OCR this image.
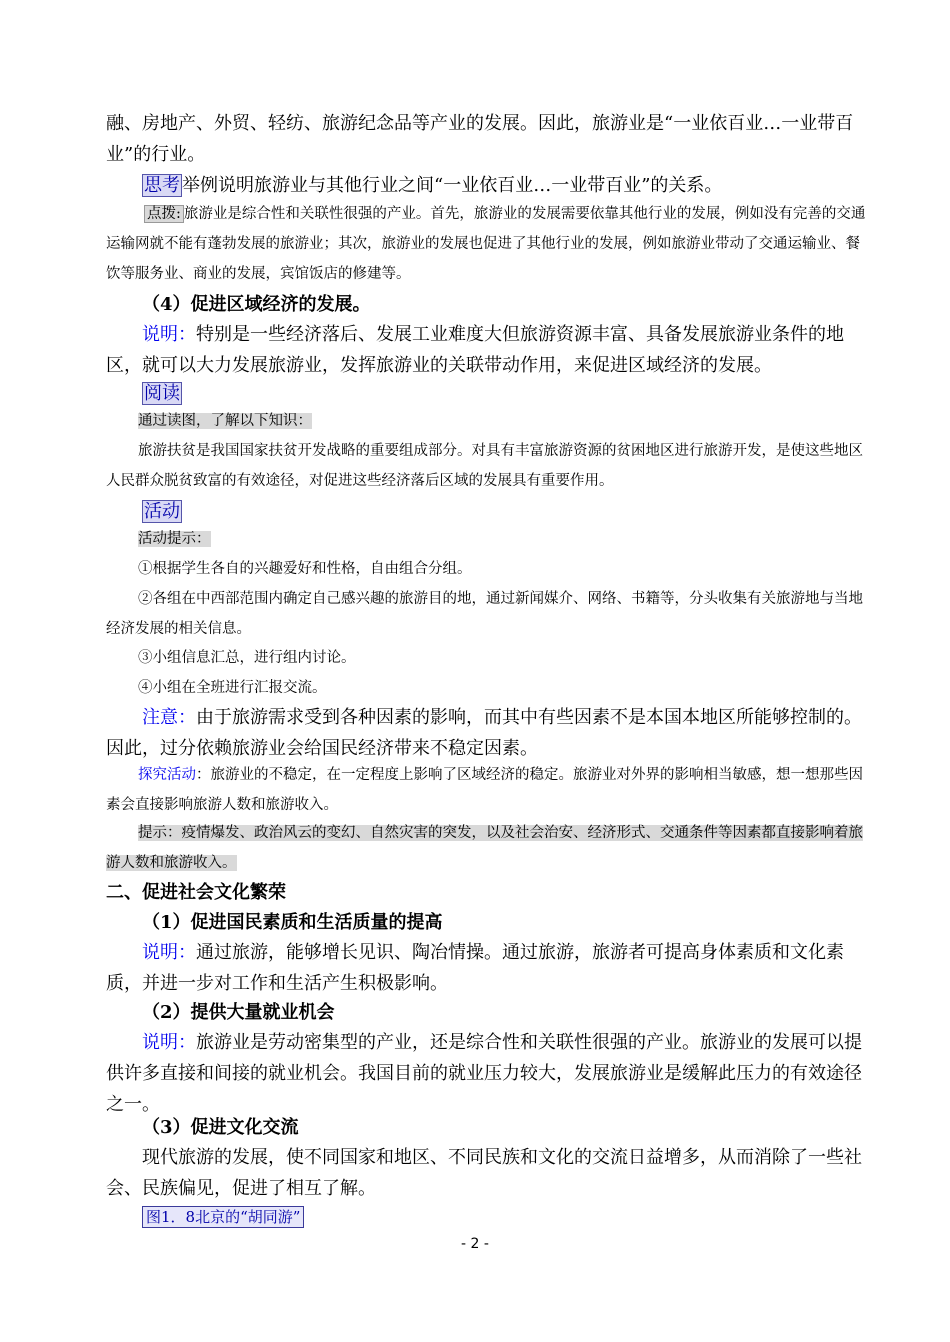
融、房地产、外贸、轻纺、旅游纪念品等产业的发展。因此，旅游业是“一业依百业…一业带百业”的行业。

思考 举例说明旅游业与其他行业之间“一业依百业…一业带百业”的关系。

点拨: 旅游业是综合性和关联性很强的产业。首先，旅游业的发展需要依靠其他行业的发展，例如没有完善的交通运输网就不能有蓬勃发展的旅游业；其次，旅游业的发展也促进了其他行业的发展，例如旅游业带动了交通运输业、餐饮等服务业、商业的发展，宾馆饭店的修建等。

（4）促进区域经济的发展。

说明：特别是一些经济落后、发展工业难度大但旅游资源丰富、具备发展旅游业条件的地区，就可以大力发展旅游业，发挥旅游业的关联带动作用，来促进区域经济的发展。

阅读

通过读图，了解以下知识：

旅游扶贫是我国国家扶贫开发战略的重要组成部分。对具有丰富旅游资源的贫困地区进行旅游开发，是使这些地区人民群众脱贫致富的有效途径，对促进这些经济落后区域的发展具有重要作用。

活动

活动提示：

①根据学生各自的兴趣爱好和性格，自由组合分组。

②各组在中西部范围内确定自己感兴趣的旅游目的地，通过新闻媒介、网络、书籍等，分头收集有关旅游地与当地经济发展的相关信息。

③小组信息汇总，进行组内讨论。

④小组在全班进行汇报交流。

注意：由于旅游需求受到各种因素的影响，而其中有些因素不是本国本地区所能够控制的。因此，过分依赖旅游业会给国民经济带来不稳定因素。

探究活动：旅游业的不稳定，在一定程度上影响了区域经济的稳定。旅游业对外界的影响相当敏感，想一想那些因素会直接影响旅游人数和旅游收入。

提示：疫情爆发、政治风云的变幻、自然灾害的突发，以及社会治安、经济形式、交通条件等因素都直接影响着旅游人数和旅游收入。

二、促进社会文化繁荣

（1）促进国民素质和生活质量的提高

说明：通过旅游，能够增长见识、陶冶情操。通过旅游，旅游者可提高身体素质和文化素质，并进一步对工作和生活产生积极影响。

（2）提供大量就业机会

说明：旅游业是劳动密集型的产业，还是综合性和关联性很强的产业。旅游业的发展可以提供许多直接和间接的就业机会。我国目前的就业压力较大，发展旅游业是缓解此压力的有效途径之一。

（3）促进文化交流

现代旅游的发展，使不同国家和地区、不同民族和文化的交流日益增多，从而消除了一些社会、民族偏见，促进了相互了解。

图1．8北京的“胡同游”
- 2 -
